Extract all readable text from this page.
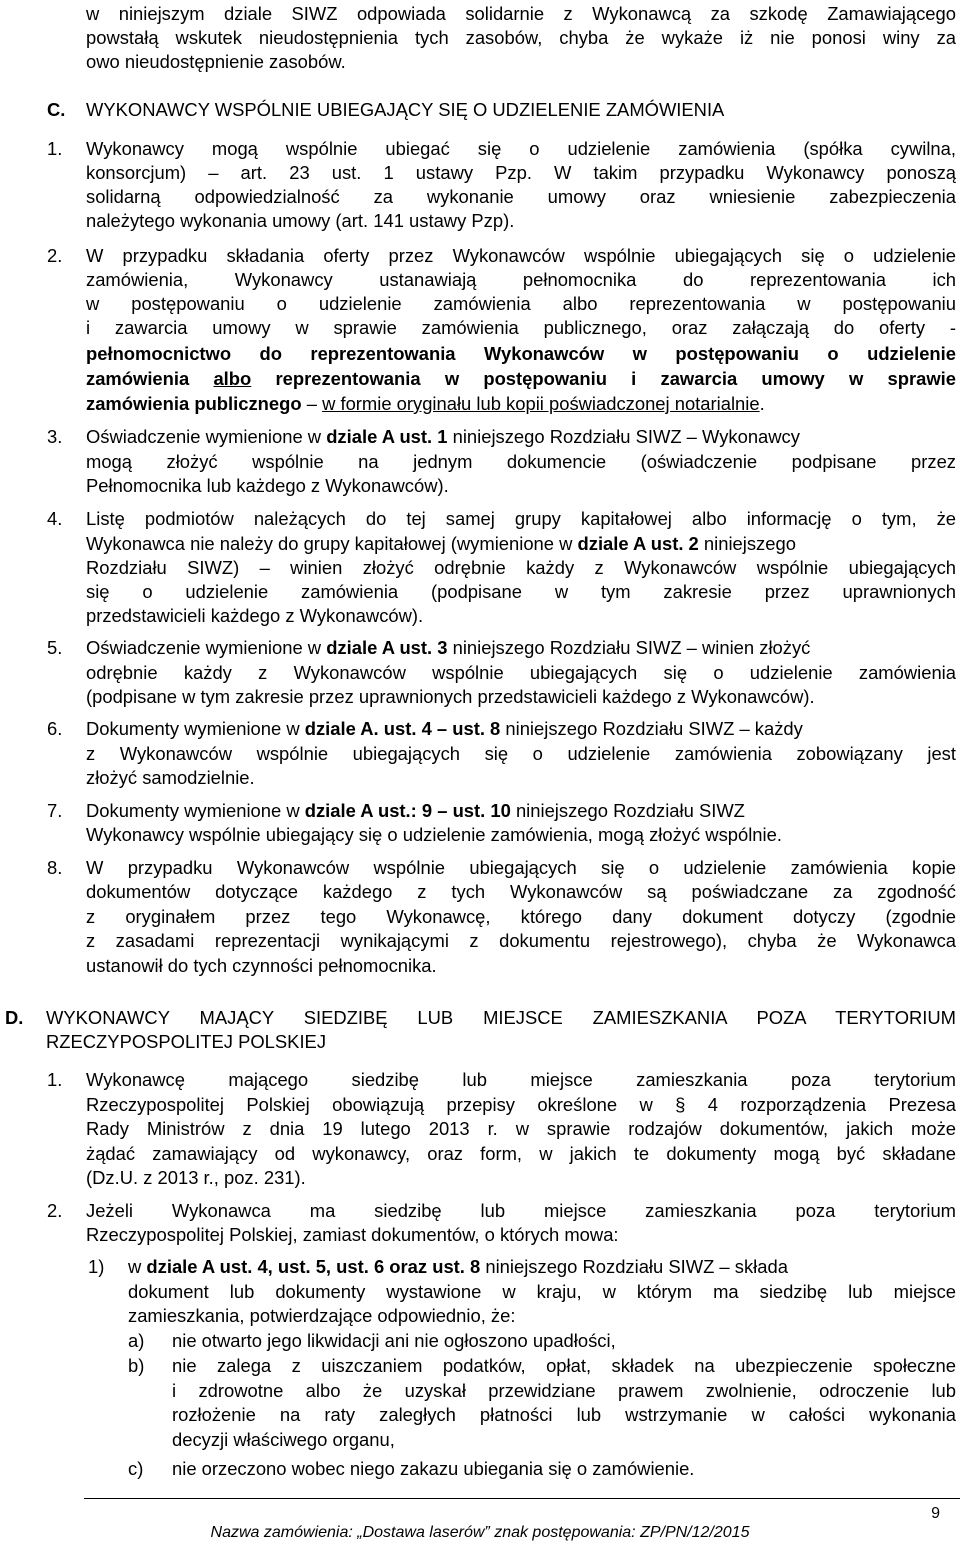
w niniejszym dziale SIWZ odpowiada solidarnie z Wykonawcą za szkodę Zamawiającego
powstałą wskutek nieudostępnienia tych zasobów, chyba że wykaże iż nie ponosi winy za
owo nieudostępnienie zasobów.
C. WYKONAWCY WSPÓLNIE UBIEGAJĄCY SIĘ O UDZIELENIE ZAMÓWIENIA
1. Wykonawcy mogą wspólnie ubiegać się o udzielenie zamówienia (spółka cywilna,
konsorcjum) – art. 23 ust. 1 ustawy Pzp. W takim przypadku Wykonawcy ponoszą
solidarną odpowiedzialność za wykonanie umowy oraz wniesienie zabezpieczenia
należytego wykonania umowy (art. 141 ustawy Pzp).
2. W przypadku składania oferty przez Wykonawców wspólnie ubiegających się o udzielenie
zamówienia, Wykonawcy ustanawiają pełnomocnika do reprezentowania ich
w postępowaniu o udzielenie zamówienia albo reprezentowania w postępowaniu
i zawarcia umowy w sprawie zamówienia publicznego, oraz załączają do oferty -
pełnomocnictwo do reprezentowania Wykonawców w postępowaniu o udzielenie
zamówienia albo reprezentowania w postępowaniu i zawarcia umowy w sprawie
zamówienia publicznego – w formie oryginału lub kopii poświadczonej notarialnie.
3. Oświadczenie wymienione w dziale A ust. 1 niniejszego Rozdziału SIWZ – Wykonawcy
mogą złożyć wspólnie na jednym dokumencie (oświadczenie podpisane przez
Pełnomocnika lub każdego z Wykonawców).
4. Listę podmiotów należących do tej samej grupy kapitałowej albo informację o tym, że
Wykonawca nie należy do grupy kapitałowej (wymienione w dziale A ust. 2 niniejszego
Rozdziału SIWZ) – winien złożyć odrębnie każdy z Wykonawców wspólnie ubiegających
się o udzielenie zamówienia (podpisane w tym zakresie przez uprawnionych
przedstawicieli każdego z Wykonawców).
5. Oświadczenie wymienione w dziale A ust. 3 niniejszego Rozdziału SIWZ – winien złożyć
odrębnie każdy z Wykonawców wspólnie ubiegających się o udzielenie zamówienia
(podpisane w tym zakresie przez uprawnionych przedstawicieli każdego z Wykonawców).
6. Dokumenty wymienione w dziale A. ust. 4 – ust. 8 niniejszego Rozdziału SIWZ – każdy
z Wykonawców wspólnie ubiegających się o udzielenie zamówienia zobowiązany jest
złożyć samodzielnie.
7. Dokumenty wymienione w dziale A ust.: 9 – ust. 10 niniejszego Rozdziału SIWZ
Wykonawcy wspólnie ubiegający się o udzielenie zamówienia, mogą złożyć wspólnie.
8. W przypadku Wykonawców wspólnie ubiegających się o udzielenie zamówienia kopie
dokumentów dotyczące każdego z tych Wykonawców są poświadczane za zgodność
z oryginałem przez tego Wykonawcę, którego dany dokument dotyczy (zgodnie
z zasadami reprezentacji wynikającymi z dokumentu rejestrowego), chyba że Wykonawca
ustanowił do tych czynności pełnomocnika.
D. WYKONAWCY MAJĄCY SIEDZIBĘ LUB MIEJSCE ZAMIESZKANIA POZA TERYTORIUM
RZECZYPOSPOLITEJ POLSKIEJ
1. Wykonawcę mającego siedzibę lub miejsce zamieszkania poza terytorium
Rzeczypospolitej Polskiej obowiązują przepisy określone w § 4 rozporządzenia Prezesa
Rady Ministrów z dnia 19 lutego 2013 r. w sprawie rodzajów dokumentów, jakich może
żądać zamawiający od wykonawcy, oraz form, w jakich te dokumenty mogą być składane
(Dz.U. z 2013 r., poz. 231).
2. Jeżeli Wykonawca ma siedzibę lub miejsce zamieszkania poza terytorium
Rzeczypospolitej Polskiej, zamiast dokumentów, o których mowa:
1) w dziale A ust. 4, ust. 5, ust. 6 oraz ust. 8 niniejszego Rozdziału SIWZ – składa
dokument lub dokumenty wystawione w kraju, w którym ma siedzibę lub miejsce
zamieszkania, potwierdzające odpowiednio, że:
a) nie otwarto jego likwidacji ani nie ogłoszono upadłości,
b) nie zalega z uiszczaniem podatków, opłat, składek na ubezpieczenie społeczne
i zdrowotne albo że uzyskał przewidziane prawem zwolnienie, odroczenie lub
rozłożenie na raty zaległych płatności lub wstrzymanie w całości wykonania
decyzji właściwego organu,
c) nie orzeczono wobec niego zakazu ubiegania się o zamówienie.
9
Nazwa zamówienia: „Dostawa laserów” znak postępowania: ZP/PN/12/2015
